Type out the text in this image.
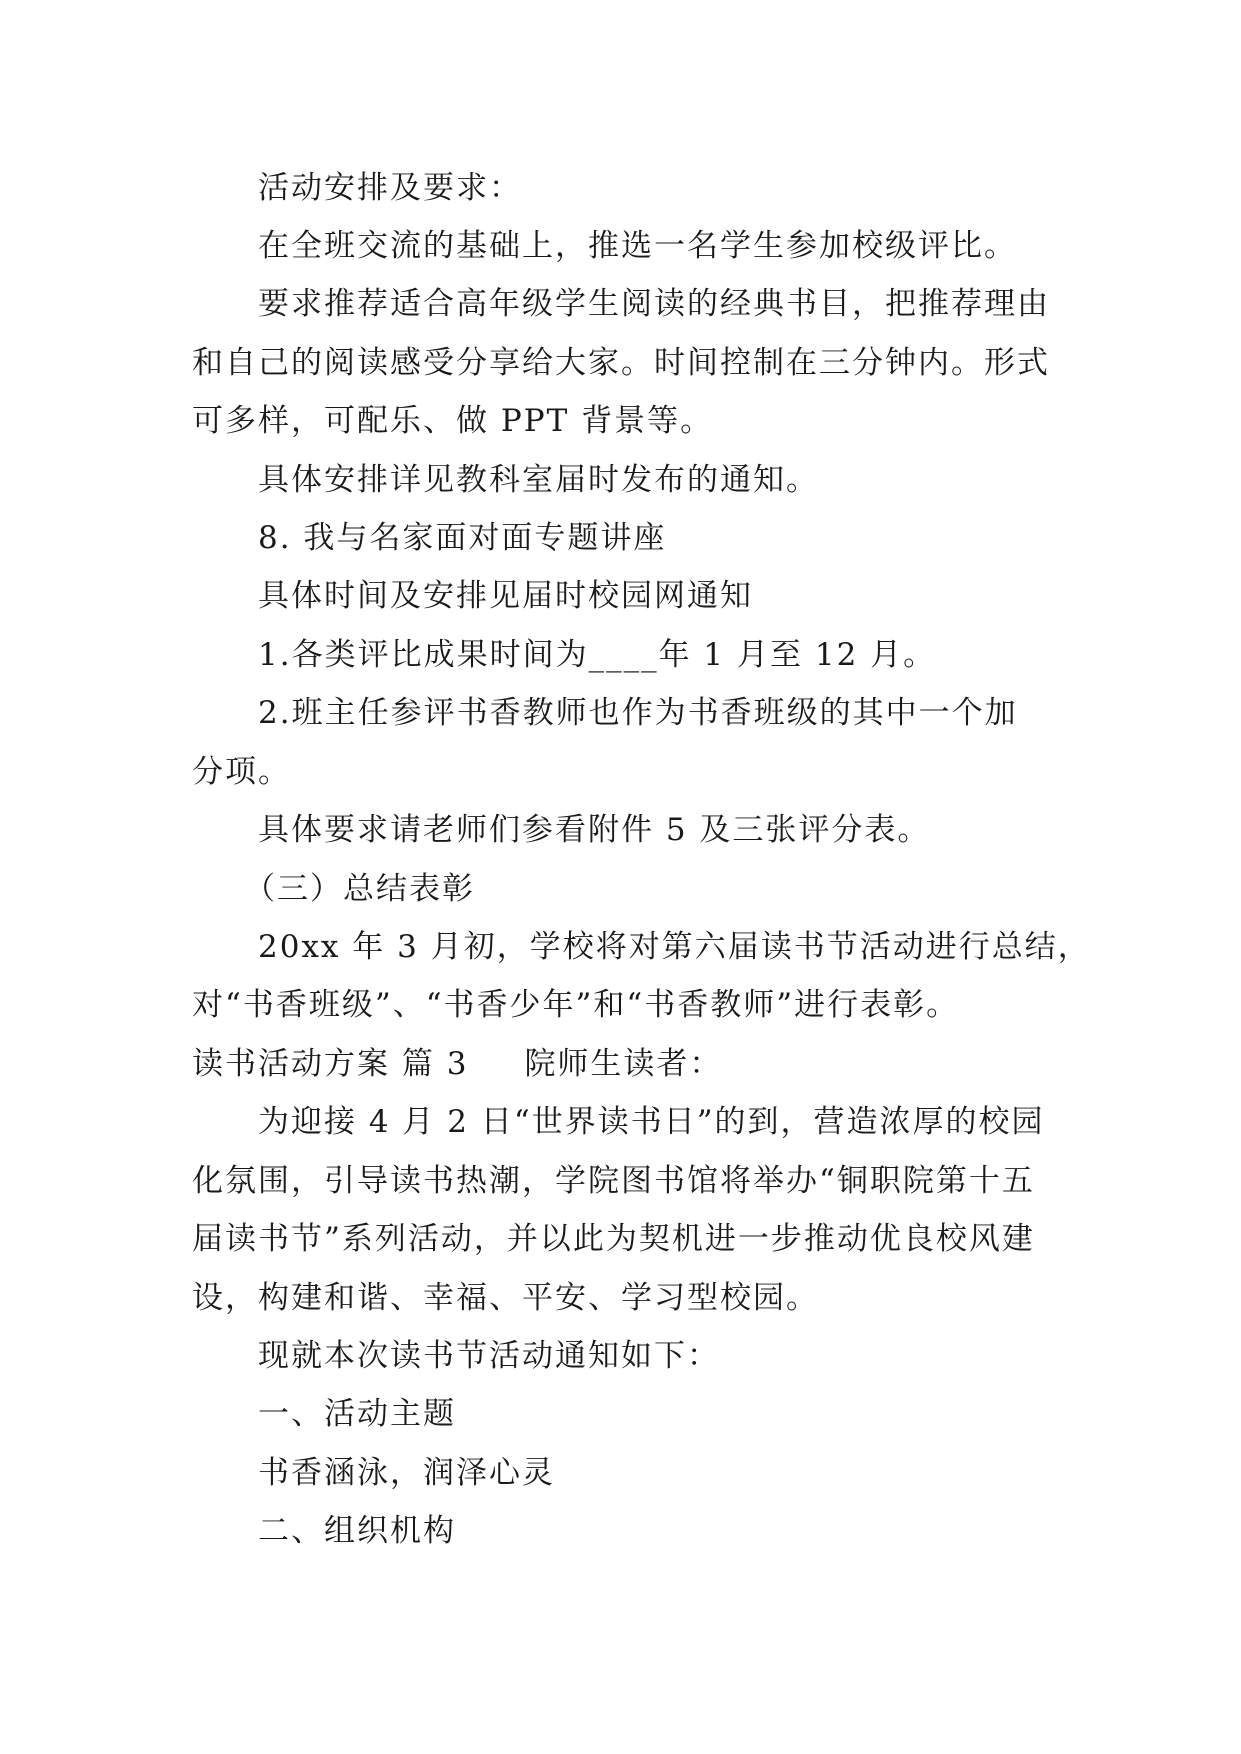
活动安排及要求：
在全班交流的基础上，推选一名学生参加校级评比。
要求推荐适合高年级学生阅读的经典书目，把推荐理由
和自己的阅读感受分享给大家。时间控制在三分钟内。形式
可多样，可配乐、做 PPT 背景等。
具体安排详见教科室届时发布的通知。
8. 我与名家面对面专题讲座
具体时间及安排见届时校园网通知
1.各类评比成果时间为____年 1 月至 12 月。
2.班主任参评书香教师也作为书香班级的其中一个加
分项。
具体要求请老师们参看附件 5 及三张评分表。
（三）总结表彰
20xx 年 3 月初，学校将对第六届读书节活动进行总结，
对“书香班级”、“书香少年”和“书香教师”进行表彰。
读书活动方案 篇 3 院师生读者：
为迎接 4 月 2 日“世界读书日”的到，营造浓厚的校园
化氛围，引导读书热潮，学院图书馆将举办“铜职院第十五
届读书节”系列活动，并以此为契机进一步推动优良校风建
设，构建和谐、幸福、平安、学习型校园。
现就本次读书节活动通知如下：
一、活动主题
书香涵泳，润泽心灵
二、组织机构
